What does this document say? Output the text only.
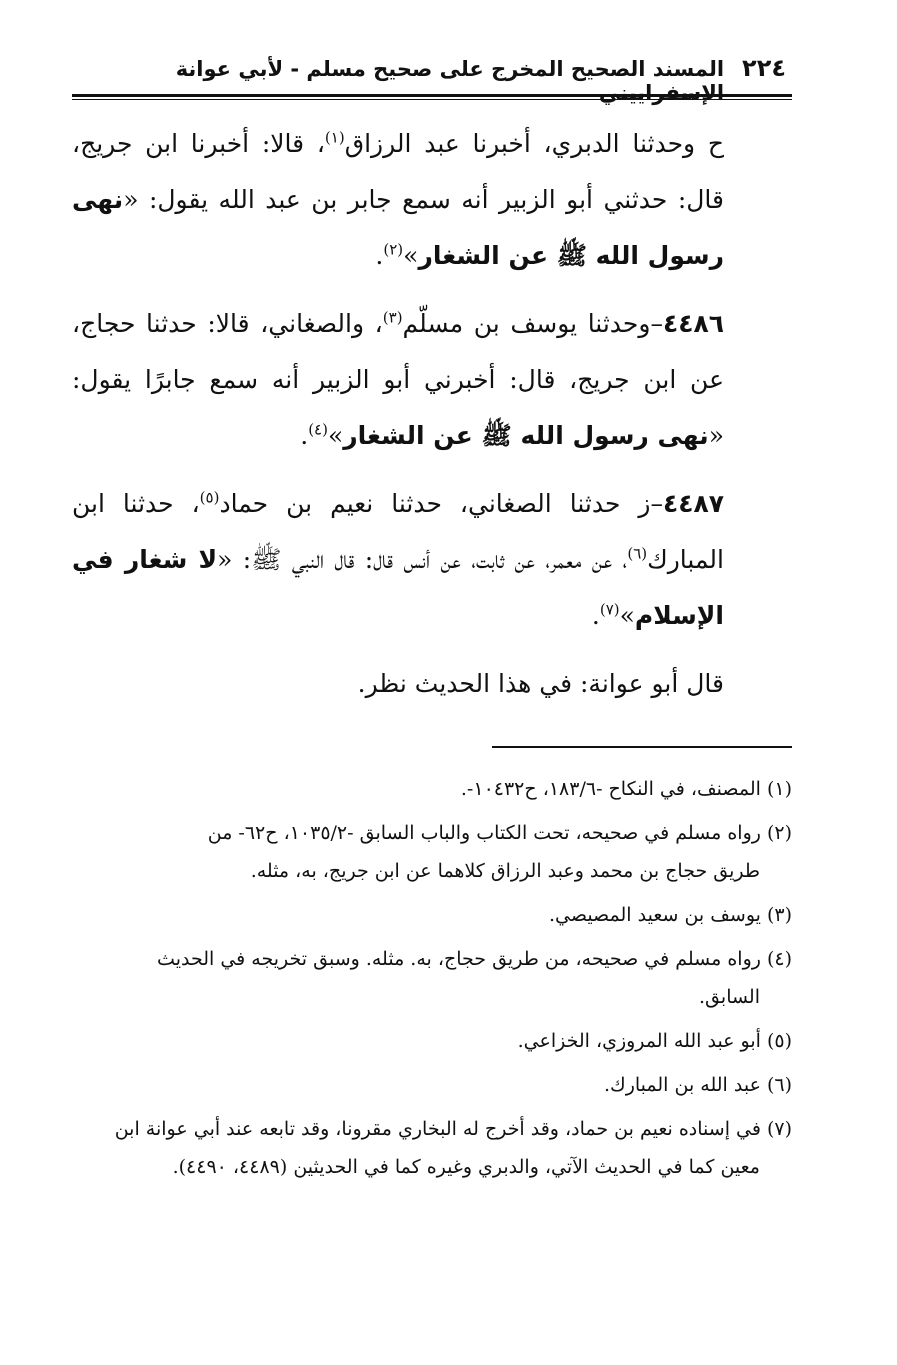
٢٢٤
المسند الصحيح المخرج على صحيح مسلم - لأبي عوانة الإسفراييني

ح وحدثنا الدبري، أخبرنا عبد الرزاق$^{(١)}$، قالا: أخبرنا ابن جريج، قال: حدثني أبو الزبير أنه سمع جابر بن عبد الله يقول: «نهى رسول الله ﷺ عن الشغار»$^{(٢)}$.

٤٤٨٦–وحدثنا يوسف بن مسلّم$^{(٣)}$، والصغاني، قالا: حدثنا حجاج، عن ابن جريج، قال: أخبرني أبو الزبير أنه سمع جابرًا يقول: «نهى رسول الله ﷺ عن الشغار»$^{(٤)}$.

٤٤٨٧–ز حدثنا الصغاني، حدثنا نعيم بن حماد$^{(٥)}$، حدثنا ابن المبارك$^{(٦)}$، عن معمر، عن ثابت، عن أنس قال: قال النبي ﷺ: «لا شغار في الإسلام»$^{(٧)}$.

قال أبو عوانة: في هذا الحديث نظر.

(١)المصنف، في النكاح -١٨٣/٦، ح١٠٤٣٢-.

(٢)رواه مسلم في صحيحه، تحت الكتاب والباب السابق -١٠٣٥/٢، ح٦٢- من
طريق حجاج بن محمد وعبد الرزاق كلاهما عن ابن جريج، به، مثله.

(٣)يوسف بن سعيد المصيصي.

(٤)رواه مسلم في صحيحه، من طريق حجاج، به. مثله. وسبق تخريجه في الحديث
السابق.

(٥)أبو عبد الله المروزي، الخزاعي.

(٦)عبد الله بن المبارك.

(٧)في إسناده نعيم بن حماد، وقد أخرج له البخاري مقرونا، وقد تابعه عند أبي عوانة ابن
معين كما في الحديث الآتي، والدبري وغيره كما في الحديثين (٤٤٨٩، ٤٤٩٠).
